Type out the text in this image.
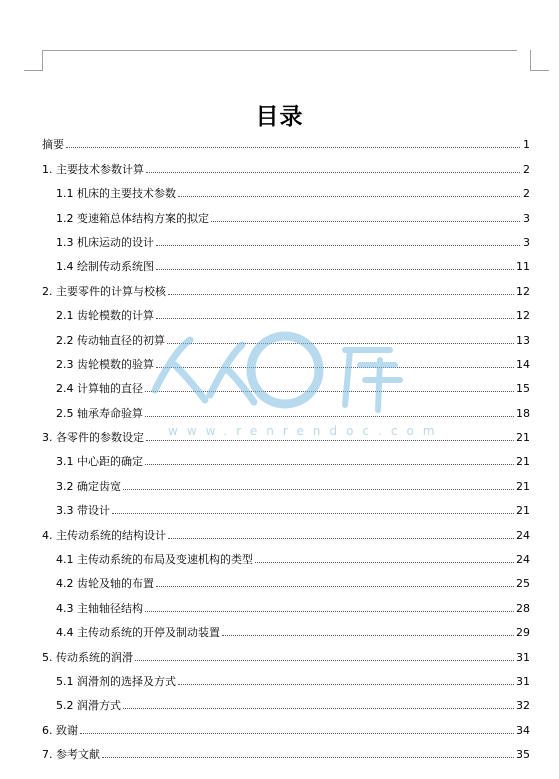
目录
摘要	1
1. 主要技术参数计算	2
1.1 机床的主要技术参数	2
1.2 变速箱总体结构方案的拟定	3
1.3 机床运动的设计	3
1.4 绘制传动系统图	11
2. 主要零件的计算与校核	12
2.1 齿轮模数的计算	12
2.2 传动轴直径的初算	13
2.3 齿轮模数的验算	14
2.4 计算轴的直径	15
2.5 轴承寿命验算	18
3. 各零件的参数设定	21
3.1 中心距的确定	21
3.2 确定齿宽	21
3.3 带设计	21
4. 主传动系统的结构设计	24
4.1 主传动系统的布局及变速机构的类型	24
4.2 齿轮及轴的布置	25
4.3 主轴轴径结构	28
4.4 主传动系统的开停及制动装置	29
5. 传动系统的润滑	31
5.1 润滑剂的选择及方式	31
5.2 润滑方式	32
6. 致谢	34
7. 参考文献	35
www.renrendoc.com
